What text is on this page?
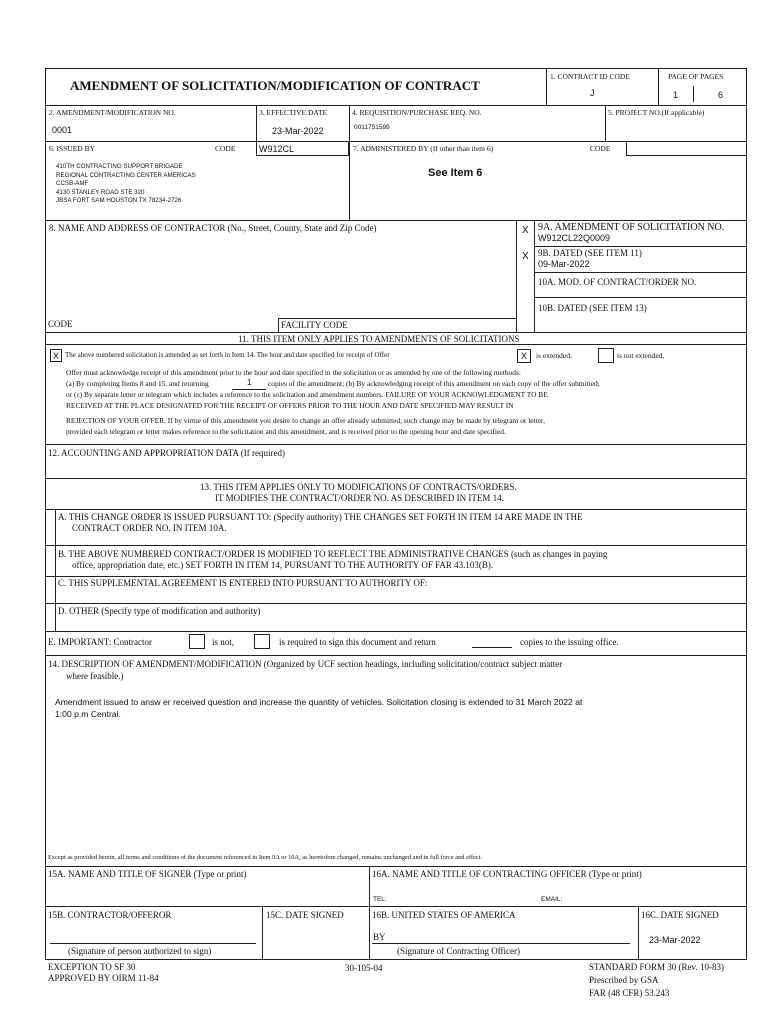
AMENDMENT OF SOLICITATION/MODIFICATION OF CONTRACT
1. CONTRACT ID CODE
J
PAGE OF PAGES
1	6
2. AMENDMENT/MODIFICATION NO.
0001
3. EFFECTIVE DATE
23-Mar-2022
4. REQUISITION/PURCHASE REQ. NO.
0011751599
5. PROJECT NO.(If applicable)
6. ISSUED BY	CODE	W912CL
410TH CONTRACTING SUPPORT BRIGADE
REGIONAL CONTRACTING CENTER AMERICAS
CCSB-AMF
4130 STANLEY ROAD STE 320
JBSA FORT SAM HOUSTON TX 78234-2726
7. ADMINISTERED BY (If other than item 6)	CODE
See Item 6
8. NAME AND ADDRESS OF CONTRACTOR (No., Street, County, State and Zip Code)
CODE	FACILITY CODE
X 9A. AMENDMENT OF SOLICITATION NO.
W912CL22Q0009
X 9B. DATED (SEE ITEM 11)
09-Mar-2022
10A. MOD. OF CONTRACT/ORDER NO.
10B. DATED (SEE ITEM 13)
11. THIS ITEM ONLY APPLIES TO AMENDMENTS OF SOLICITATIONS
X The above numbered solicitation is amended as set forth in Item 14. The hour and date specified for receipt of Offer	X	is extended,	is not extended.
Offer must acknowledge receipt of this amendment prior to the hour and date specified in the solicitation or as amended by one of the following methods:
(a) By completing Items 8 and 15, and returning	1 copies of the amendment; (b) By acknowledging receipt of this amendment on each copy of the offer submitted;
or (c) By separate letter or telegram which includes a reference to the solicitation and amendment numbers. FAILURE OF YOUR ACKNOWLEDGMENT TO BE
RECEIVED AT THE PLACE DESIGNATED FOR THE RECEIPT OF OFFERS PRIOR TO THE HOUR AND DATE SPECIFIED MAY RESULT IN
REJECTION OF YOUR OFFER. If by virtue of this amendment you desire to change an offer already submitted, such change may be made by telegram or letter,
provided each telegram or letter makes reference to the solicitation and this amendment, and is received prior to the opening hour and date specified.
12. ACCOUNTING AND APPROPRIATION DATA (If required)
13. THIS ITEM APPLIES ONLY TO MODIFICATIONS OF CONTRACTS/ORDERS.
IT MODIFIES THE CONTRACT/ORDER NO. AS DESCRIBED IN ITEM 14.
A. THIS CHANGE ORDER IS ISSUED PURSUANT TO: (Specify authority) THE CHANGES SET FORTH IN ITEM 14 ARE MADE IN THE
CONTRACT ORDER NO. IN ITEM 10A.
B. THE ABOVE NUMBERED CONTRACT/ORDER IS MODIFIED TO REFLECT THE ADMINISTRATIVE CHANGES (such as changes in paying
office, appropriation date, etc.) SET FORTH IN ITEM 14, PURSUANT TO THE AUTHORITY OF FAR 43.103(B).
C. THIS SUPPLEMENTAL AGREEMENT IS ENTERED INTO PURSUANT TO AUTHORITY OF:
D. OTHER (Specify type of modification and authority)
E. IMPORTANT: Contractor	is not,	is required to sign this document and return	copies to the issuing office.
14. DESCRIPTION OF AMENDMENT/MODIFICATION (Organized by UCF section headings, including solicitation/contract subject matter
where feasible.)
Amendment issued to answ er received question and increase the quantity of vehicles. Solicitation closing is extended to 31 March 2022 at
1:00 p.m Central.
Except as provided herein, all terms and conditions of the document referenced in Item 9A or 10A, as heretofore changed, remains unchanged and in full force and effect.
15A. NAME AND TITLE OF SIGNER (Type or print)	16A. NAME AND TITLE OF CONTRACTING OFFICER (Type or print)
TEL:	EMAIL:
15B. CONTRACTOR/OFFEROR	15C. DATE SIGNED	16B. UNITED STATES OF AMERICA	16C. DATE SIGNED
BY	23-Mar-2022
(Signature of person authorized to sign)	(Signature of Contracting Officer)
EXCEPTION TO SF 30
APPROVED BY OIRM 11-84
30-105-04	STANDARD FORM 30 (Rev. 10-83)
Prescribed by GSA
FAR (48 CFR) 53.243
